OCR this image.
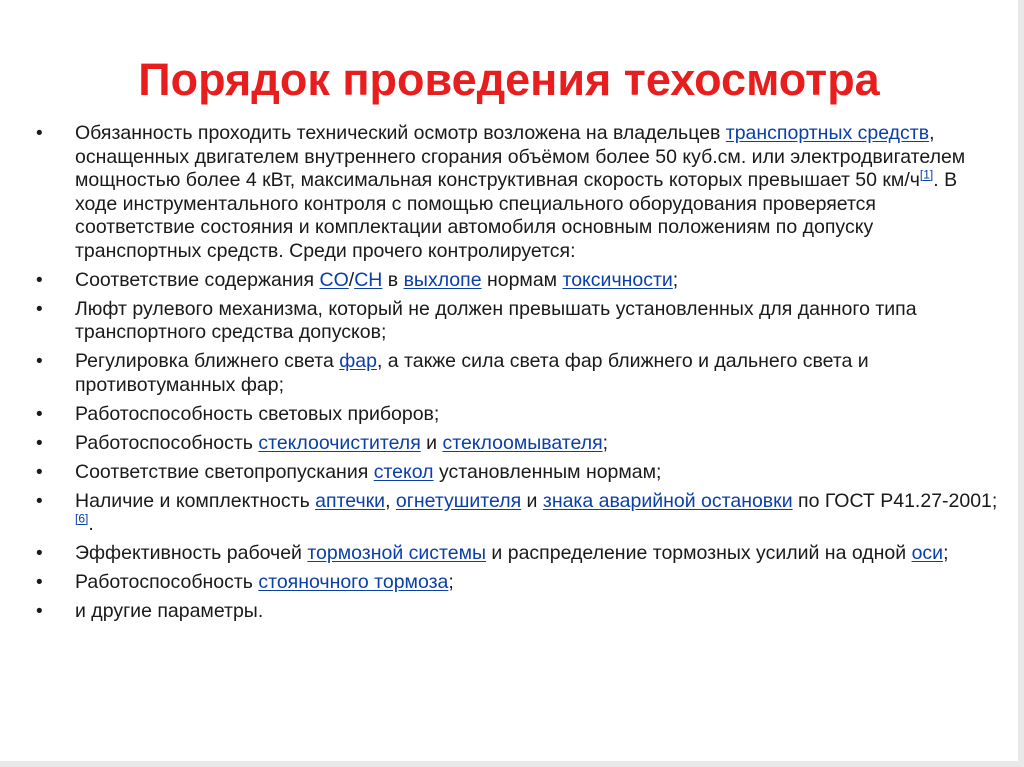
Порядок проведения техосмотра
• Обязанность проходить технический осмотр возложена на владельцев транспортных средств, оснащенных двигателем внутреннего сгорания объёмом более 50 куб.см. или электродвигателем мощностью более 4 кВт, максимальная конструктивная скорость которых превышает 50 км/ч[1]. В ходе инструментального контроля с помощью специального оборудования проверяется соответствие состояния и комплектации автомобиля основным положениям по допуску транспортных средств. Среди прочего контролируется:
• Соответствие содержания CO/CH в выхлопе нормам токсичности;
• Люфт рулевого механизма, который не должен превышать установленных для данного типа транспортного средства допусков;
• Регулировка ближнего света фар, а также сила света фар ближнего и дальнего света и противотуманных фар;
• Работоспособность световых приборов;
• Работоспособность стеклоочистителя и стеклоомывателя;
• Соответствие светопропускания стекол установленным нормам;
• Наличие и комплектность аптечки, огнетушителя и знака аварийной остановки по ГОСТ Р41.27-2001;[6].
• Эффективность рабочей тормозной системы и распределение тормозных усилий на одной оси;
• Работоспособность стояночного тормоза;
• и другие параметры.
